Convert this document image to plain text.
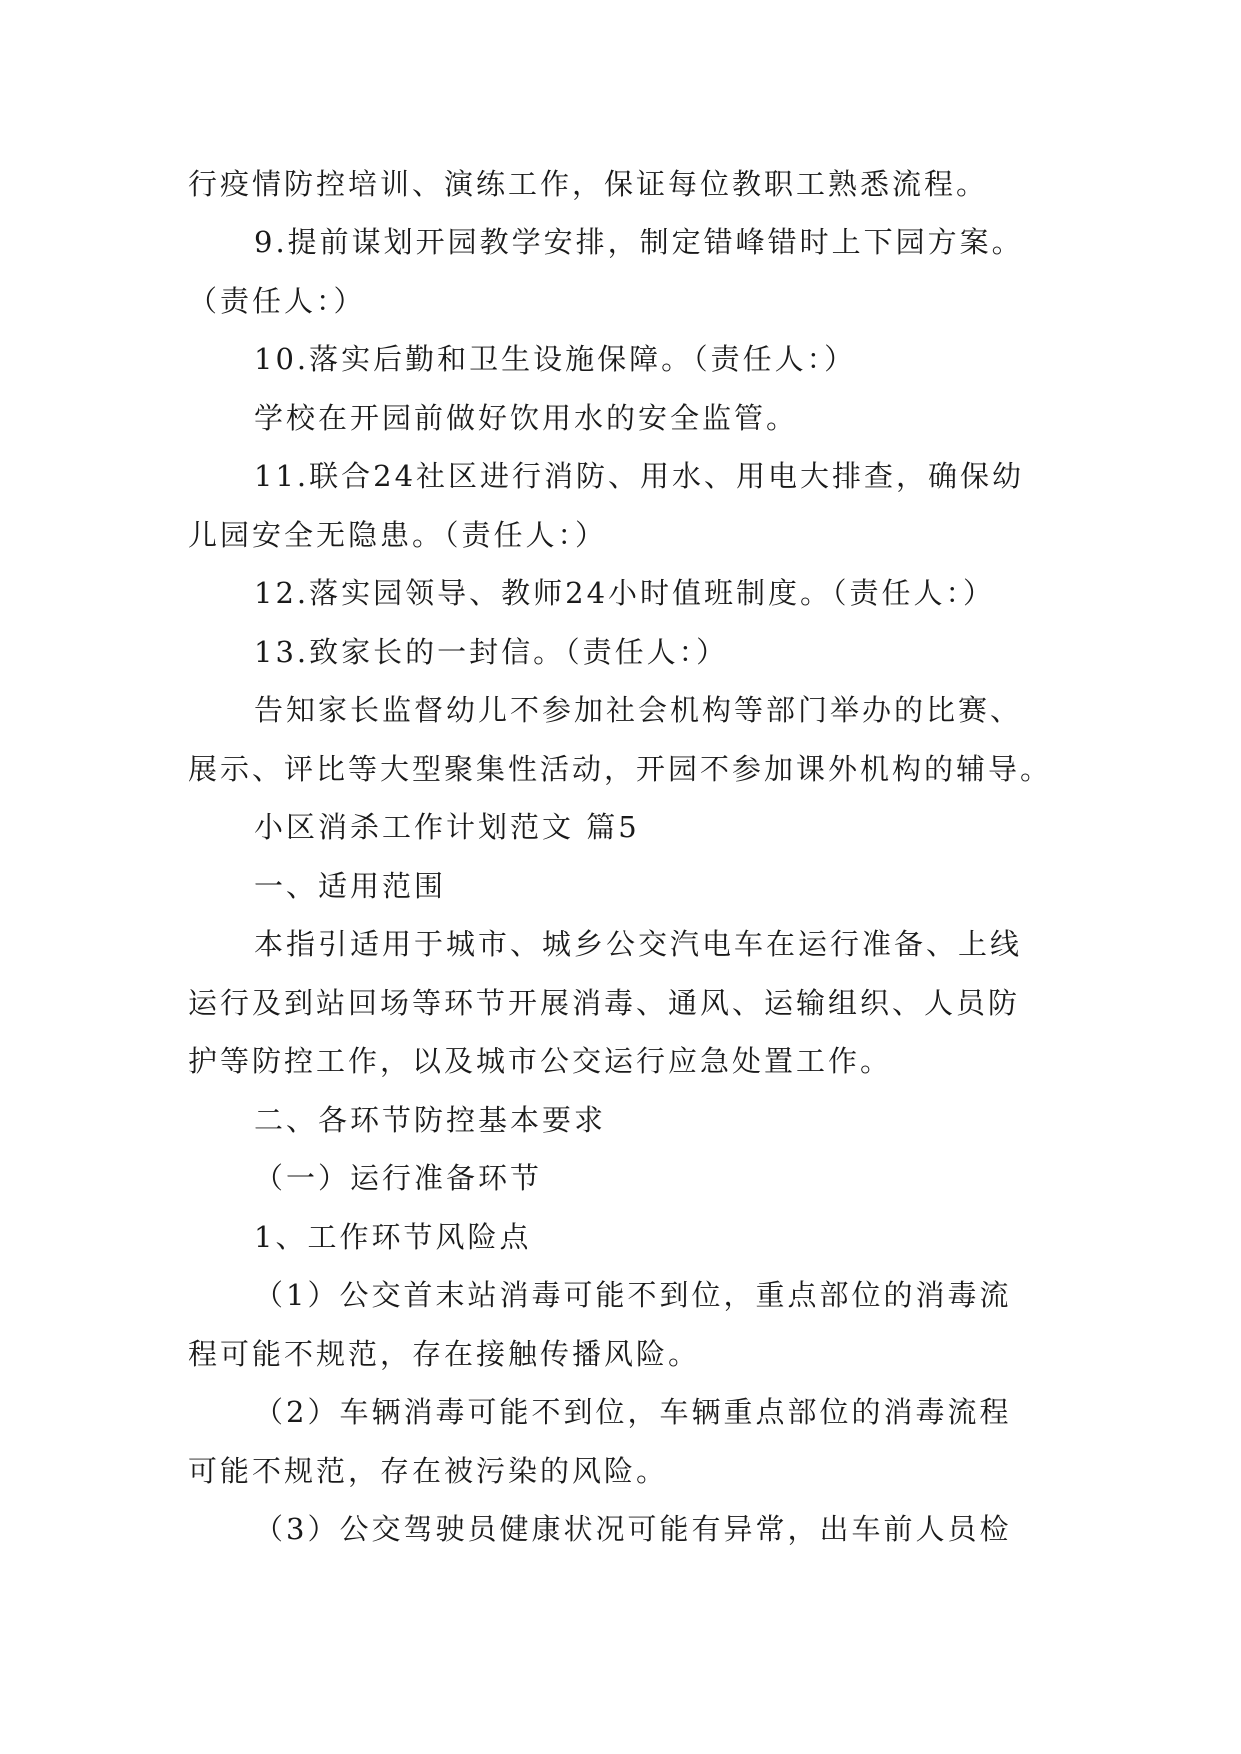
行疫情防控培训、演练工作，保证每位教职工熟悉流程。
9.提前谋划开园教学安排，制定错峰错时上下园方案。
（责任人：）
10.落实后勤和卫生设施保障。（责任人：）
学校在开园前做好饮用水的安全监管。
11.联合24社区进行消防、用水、用电大排查，确保幼
儿园安全无隐患。（责任人：）
12.落实园领导、教师24小时值班制度。（责任人：）
13.致家长的一封信。（责任人：）
告知家长监督幼儿不参加社会机构等部门举办的比赛、
展示、评比等大型聚集性活动，开园不参加课外机构的辅导。
小区消杀工作计划范文 篇5
一、适用范围
本指引适用于城市、城乡公交汽电车在运行准备、上线
运行及到站回场等环节开展消毒、通风、运输组织、人员防
护等防控工作，以及城市公交运行应急处置工作。
二、各环节防控基本要求
（一）运行准备环节
1、工作环节风险点
（1）公交首末站消毒可能不到位，重点部位的消毒流
程可能不规范，存在接触传播风险。
（2）车辆消毒可能不到位，车辆重点部位的消毒流程
可能不规范，存在被污染的风险。
（3）公交驾驶员健康状况可能有异常，出车前人员检
